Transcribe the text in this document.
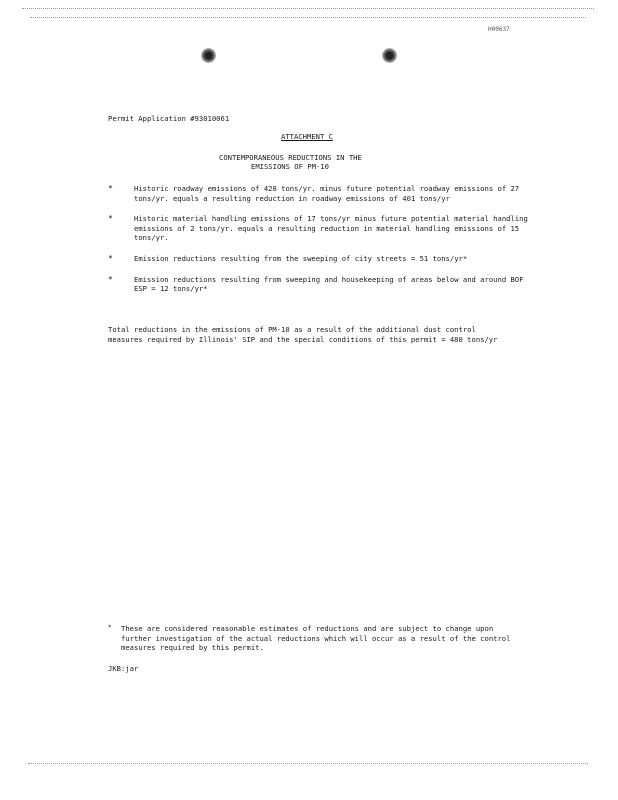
H00637
Permit Application #93010061
ATTACHMENT C
CONTEMPORANEOUS REDUCTIONS IN THE
EMISSIONS OF PM-10
*	Historic roadway emissions of 428 tons/yr. minus future potential roadway emissions of 27 tons/yr. equals a resulting reduction in roadway emissions of 401 tons/yr
*	Historic material handling emissions of 17 tons/yr minus future potential material handling emissions of 2 tons/yr. equals a resulting reduction in material handling emissions of 15 tons/yr.
*	Emission reductions resulting from the sweeping of city streets = 51 tons/yr*
*	Emission reductions resulting from sweeping and housekeeping of areas below and around BOF ESP = 12 tons/yr*
Total reductions in the emissions of PM-10 as a result of the additional dust control measures required by Illinois' SIP and the special conditions of this permit = 480 tons/yr
*	These are considered reasonable estimates of reductions and are subject to change upon further investigation of the actual reductions which will occur as a result of the control measures required by this permit.
JKB:jar
